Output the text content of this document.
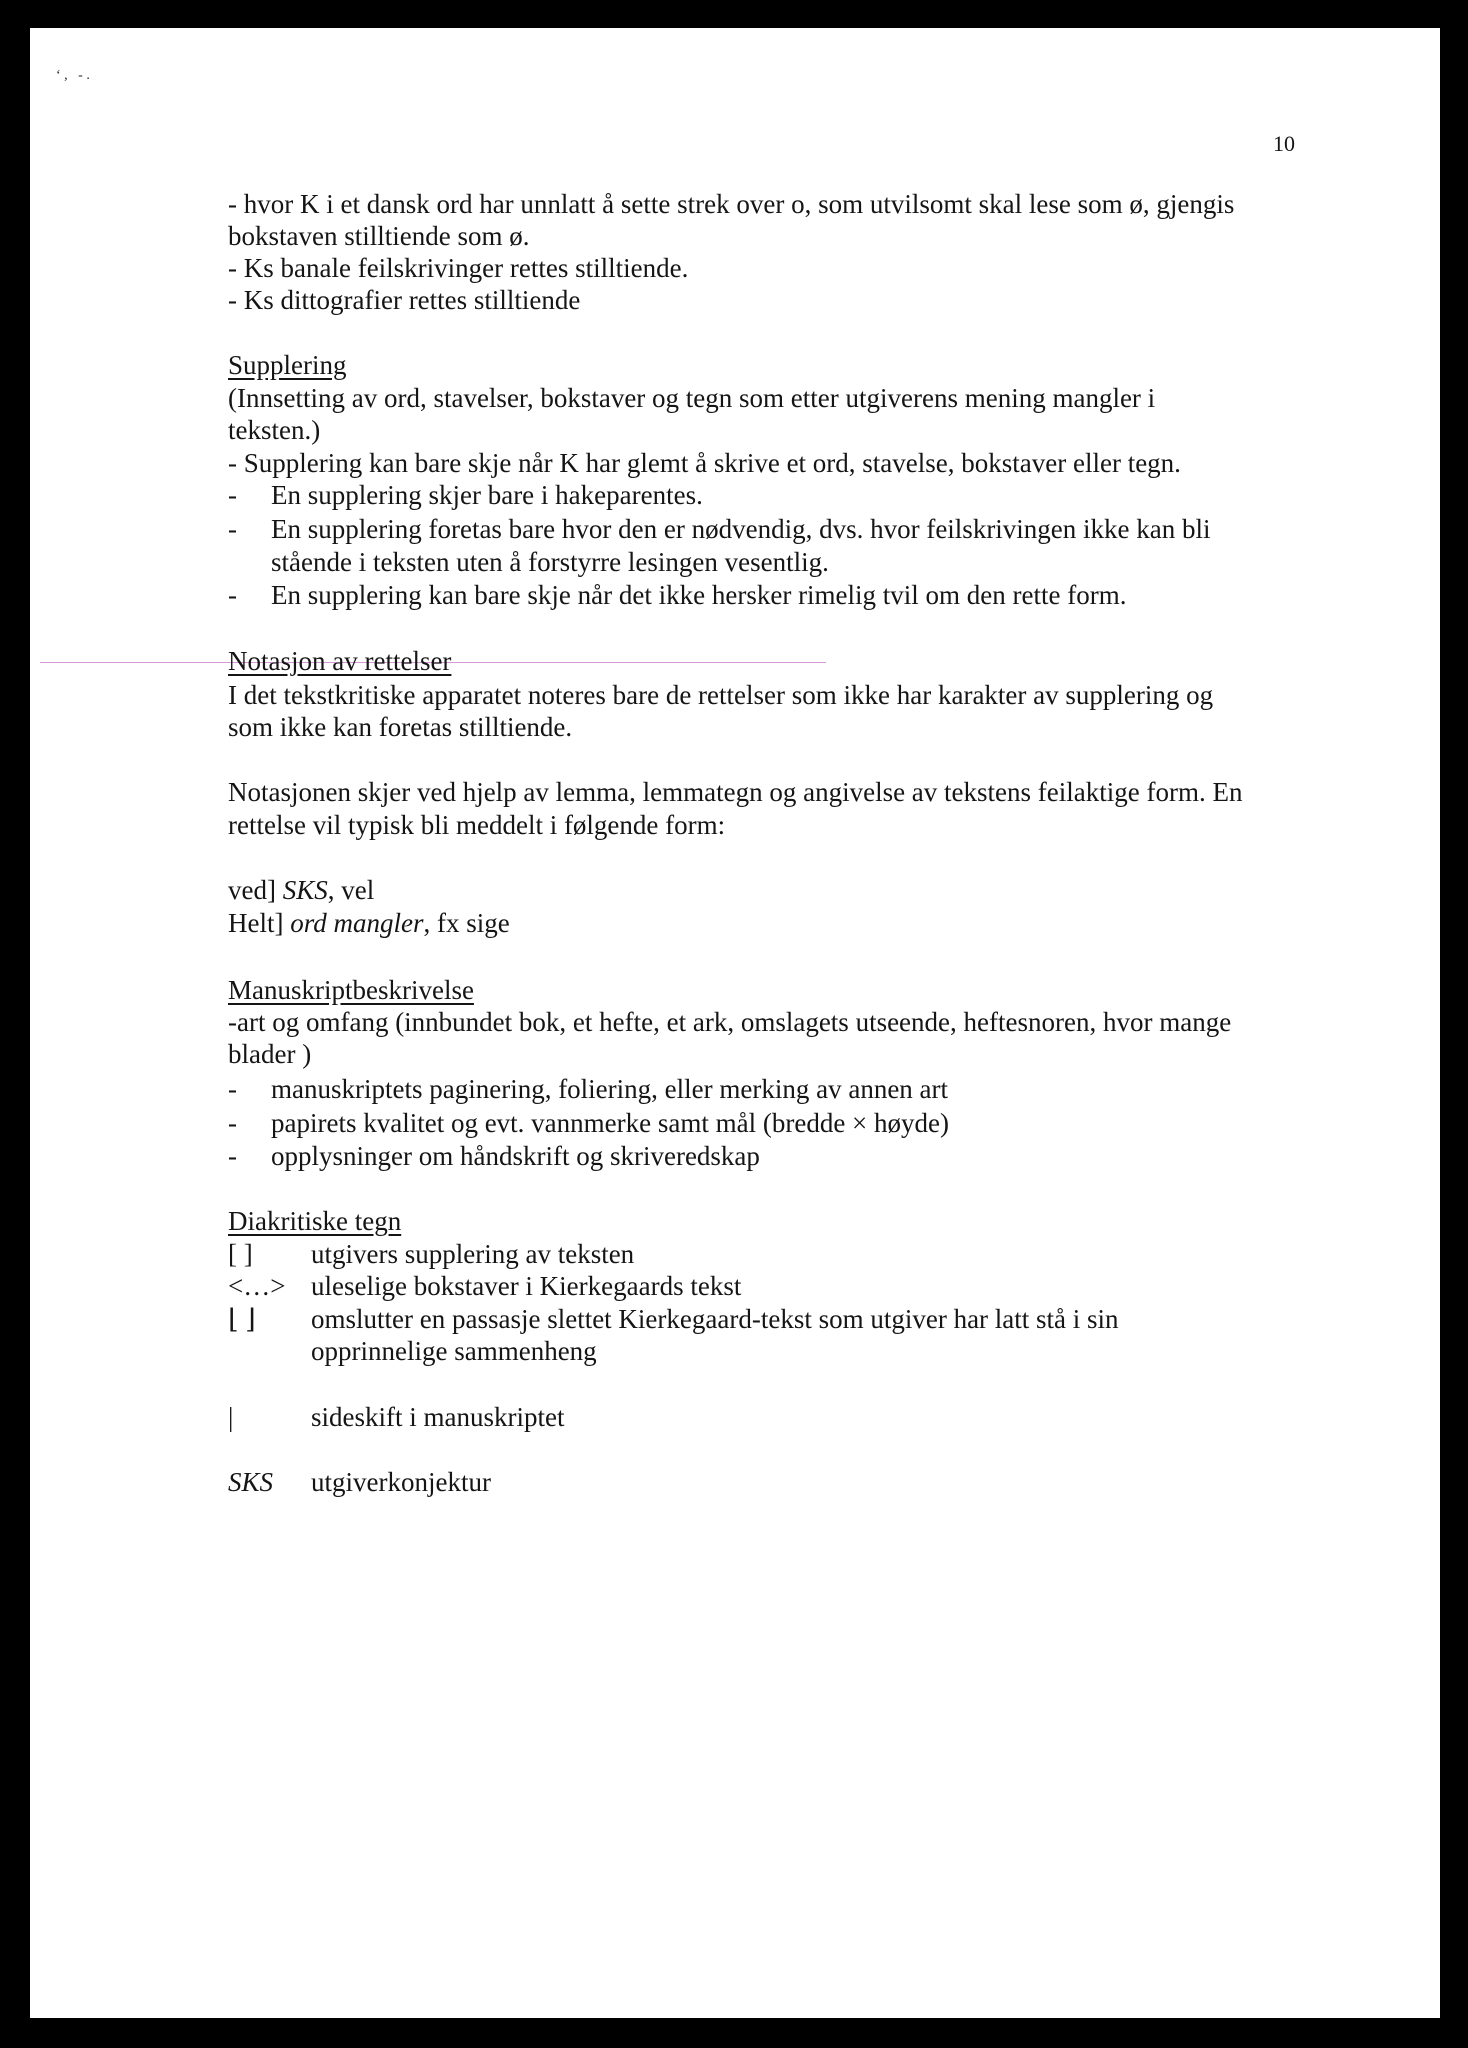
‘ ,   - .
10
- hvor K i et dansk ord har unnlatt å sette strek over o, som utvilsomt skal lese som ø, gjengis
bokstaven stilltiende som ø.
- Ks banale feilskrivinger rettes stilltiende.
- Ks dittografier rettes stilltiende
Supplering
(Innsetting av ord, stavelser, bokstaver og tegn som etter utgiverens mening mangler i
teksten.)
- Supplering kan bare skje når K har glemt å skrive et ord, stavelse, bokstaver eller tegn.
- En supplering skjer bare i hakeparentes.
- En supplering foretas bare hvor den er nødvendig, dvs. hvor feilskrivingen ikke kan bli
stående i teksten uten å forstyrre lesingen vesentlig.
- En supplering kan bare skje når det ikke hersker rimelig tvil om den rette form.
Notasjon av rettelser
I det tekstkritiske apparatet noteres bare de rettelser som ikke har karakter av supplering og
som ikke kan foretas stilltiende.
Notasjonen skjer ved hjelp av lemma, lemmategn og angivelse av tekstens feilaktige form. En
rettelse vil typisk bli meddelt i følgende form:
ved] SKS, vel
Helt] ord mangler, fx sige
Manuskriptbeskrivelse
-art og omfang (innbundet bok, et hefte, et ark, omslagets utseende, heftesnoren, hvor mange
blader )
- manuskriptets paginering, foliering, eller merking av annen art
- papirets kvalitet og evt. vannmerke samt mål (bredde × høyde)
- opplysninger om håndskrift og skriveredskap
Diakritiske tegn
[ ] utgivers supplering av teksten
<…> uleselige bokstaver i Kierkegaards tekst
⌊ ⌋ omslutter en passasje slettet Kierkegaard-tekst som utgiver har latt stå i sin
opprinnelige sammenheng
|	sideskift i manuskriptet
SKS utgiverkonjektur
